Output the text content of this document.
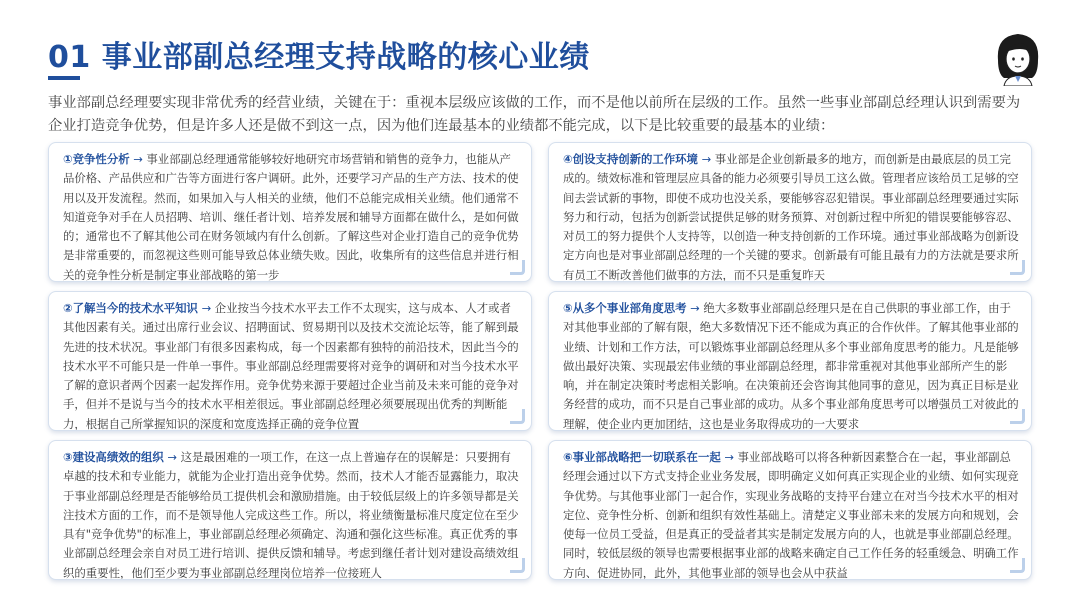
01 事业部副总经理支持战略的核心业绩
事业部副总经理要实现非常优秀的经营业绩，关键在于：重视本层级应该做的工作，而不是他以前所在层级的工作。虽然一些事业部副总经理认识到需要为企业打造竞争优势，但是许多人还是做不到这一点，因为他们连最基本的业绩都不能完成，以下是比较重要的最基本的业绩：

①竞争性分析 → 事业部副总经理通常能够较好地研究市场营销和销售的竞争力，也能从产品价格、产品供应和广告等方面进行客户调研。此外，还要学习产品的生产方法、技术的使用以及开发流程。然而，如果加入与人相关的业绩，他们不总能完成相关业绩。他们通常不知道竞争对手在人员招聘、培训、继任者计划、培养发展和辅导方面都在做什么，是如何做的；通常也不了解其他公司在财务领域内有什么创新。了解这些对企业打造自己的竞争优势是非常重要的，而忽视这些则可能导致总体业绩失败。因此，收集所有的这些信息并进行相关的竞争性分析是制定事业部战略的第一步

②了解当今的技术水平知识 → 企业按当今技术水平去工作不太现实，这与成本、人才或者其他因素有关。通过出席行业会议、招聘面试、贸易期刊以及技术交流论坛等，能了解到最先进的技术状况。事业部门有很多因素构成，每一个因素都有独特的前沿技术，因此当今的技术水平不可能只是一件单一事件。事业部副总经理需要将对竞争的调研和对当今技术水平了解的意识者两个因素一起发挥作用。竞争优势来源于要超过企业当前及未来可能的竞争对手，但并不是说与当今的技术水平相差很远。事业部副总经理必须要展现出优秀的判断能力，根据自己所掌握知识的深度和宽度选择正确的竞争位置

③建设高绩效的组织 → 这是最困难的一项工作，在这一点上普遍存在的误解是：只要拥有卓越的技术和专业能力，就能为企业打造出竞争优势。然而，技术人才能否显露能力，取决于事业部副总经理是否能够给员工提供机会和激励措施。由于较低层级上的许多领导都是关注技术方面的工作，而不是领导他人完成这些工作。所以，将业绩衡量标准尺度定位在至少具有"竞争优势"的标准上，事业部副总经理必须确定、沟通和强化这些标准。真正优秀的事业部副总经理会亲自对员工进行培训、提供反馈和辅导。考虑到继任者计划对建设高绩效组织的重要性，他们至少要为事业部副总经理岗位培养一位接班人

④创设支持创新的工作环境 → 事业部是企业创新最多的地方，而创新是由最底层的员工完成的。绩效标准和管理层应具备的能力必须要引导员工这么做。管理者应该给员工足够的空间去尝试新的事物，即使不成功也没关系，要能够容忍犯错误。事业部副总经理要通过实际努力和行动，包括为创新尝试提供足够的财务预算、对创新过程中所犯的错误要能够容忍、对员工的努力提供个人支持等，以创造一种支持创新的工作环境。通过事业部战略为创新设定方向也是对事业部副总经理的一个关键的要求。创新最有可能且最有力的方法就是要求所有员工不断改善他们做事的方法，而不只是重复昨天

⑤从多个事业部角度思考 → 绝大多数事业部副总经理只是在自己供职的事业部工作，由于对其他事业部的了解有限，绝大多数情况下还不能成为真正的合作伙伴。了解其他事业部的业绩、计划和工作方法，可以锻炼事业部副总经理从多个事业部角度思考的能力。凡是能够做出最好决策、实现最宏伟业绩的事业部副总经理，都非常重视对其他事业部所产生的影响，并在制定决策时考虑相关影响。在决策前还会咨询其他同事的意见，因为真正目标是业务经营的成功，而不只是自己事业部的成功。从多个事业部角度思考可以增强员工对彼此的理解，使企业内更加团结，这也是业务取得成功的一大要求

⑥事业部战略把一切联系在一起 → 事业部战略可以将各种新因素整合在一起，事业部副总经理会通过以下方式支持企业业务发展，即明确定义如何真正实现企业的业绩、如何实现竞争优势。与其他事业部门一起合作，实现业务战略的支持平台建立在对当今技术水平的相对定位、竞争性分析、创新和组织有效性基础上。清楚定义事业部未来的发展方向和规划，会使每一位员工受益，但是真正的受益者其实是制定发展方向的人，也就是事业部副总经理。同时，较低层级的领导也需要根据事业部的战略来确定自己工作任务的轻重缓急、明确工作方向、促进协同，此外，其他事业部的领导也会从中获益
